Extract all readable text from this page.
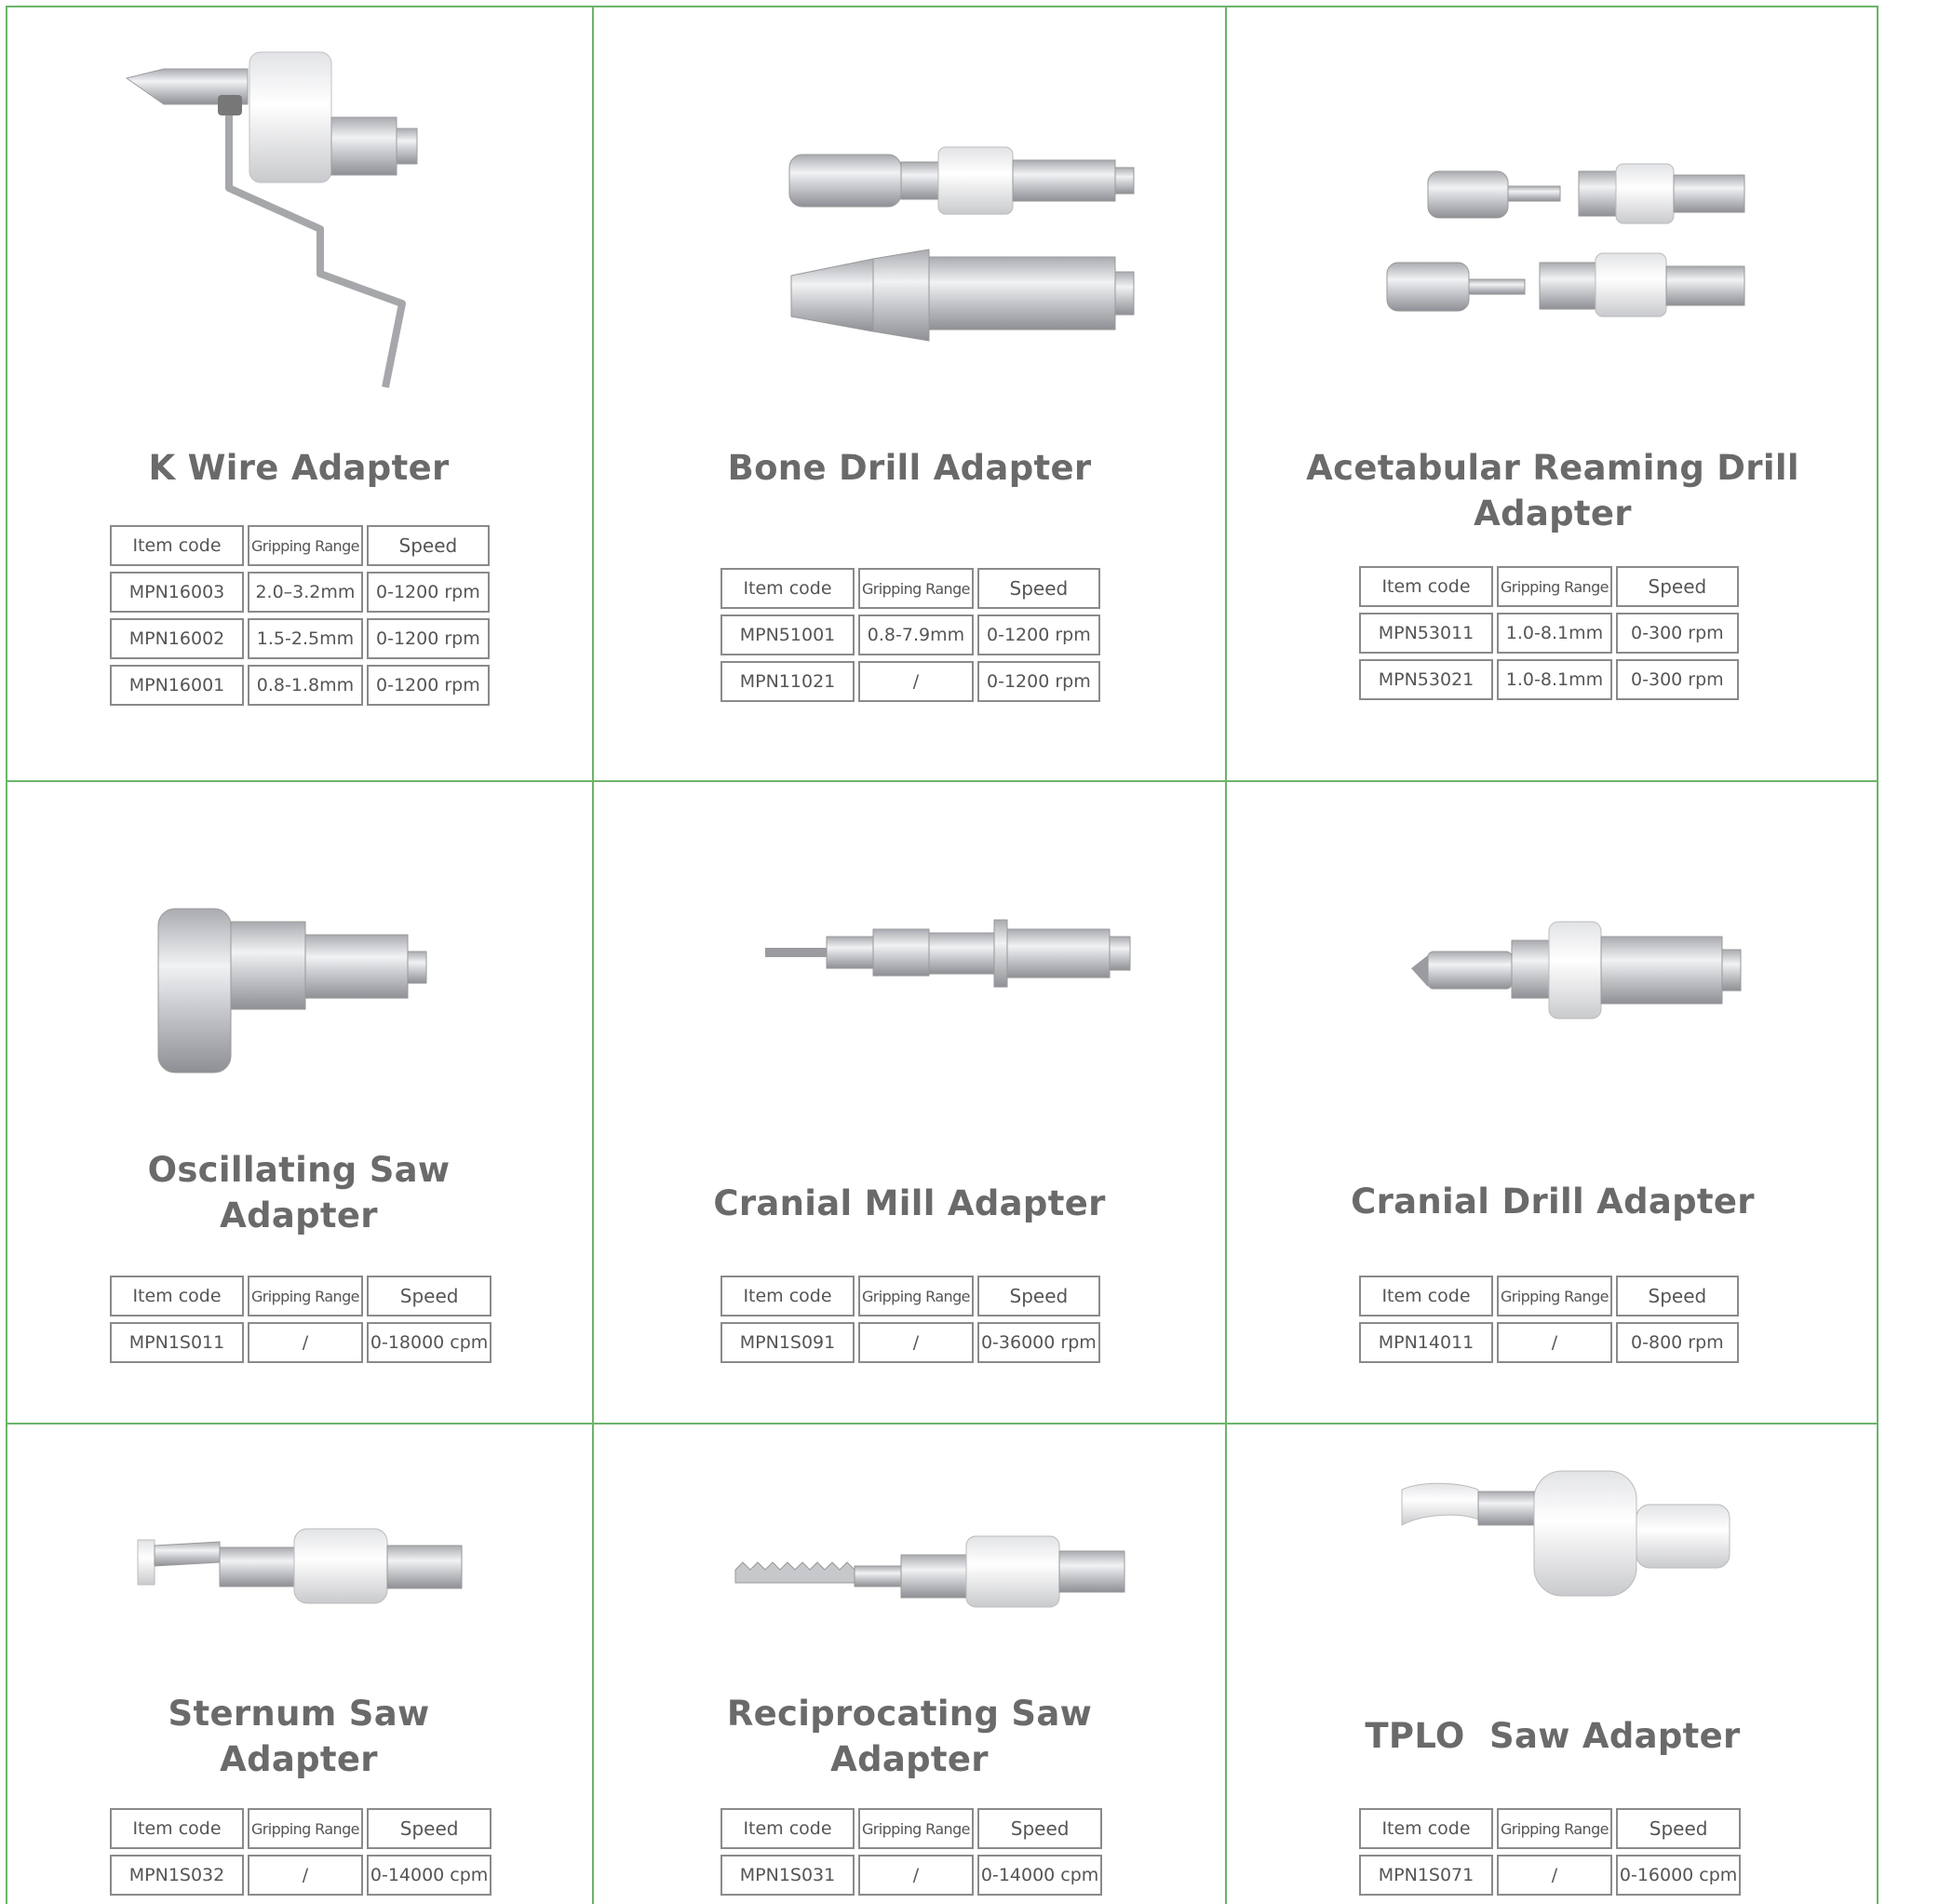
K Wire Adapter
Item code	Gripping Range	Speed
MPN16003	2.0–3.2mm	0-1200 rpm
MPN16002	1.5-2.5mm	0-1200 rpm
MPN16001	0.8-1.8mm	0-1200 rpm
Bone Drill Adapter
Item code	Gripping Range	Speed
MPN51001	0.8-7.9mm	0-1200 rpm
MPN11021	/	0-1200 rpm
Acetabular Reaming Drill
Adapter
Item code	Gripping Range	Speed
MPN53011	1.0-8.1mm	0-300 rpm
MPN53021	1.0-8.1mm	0-300 rpm
Oscillating Saw
Adapter
Item code	Gripping Range	Speed
MPN1S011	/	0-18000 cpm
Cranial Mill Adapter
Item code	Gripping Range	Speed
MPN1S091	/	0-36000 rpm
Cranial Drill Adapter
Item code	Gripping Range	Speed
MPN14011	/	0-800 rpm
Sternum Saw
Adapter
Item code	Gripping Range	Speed
MPN1S032	/	0-14000 cpm
Reciprocating Saw
Adapter
Item code	Gripping Range	Speed
MPN1S031	/	0-14000 cpm
TPLO  Saw Adapter
Item code	Gripping Range	Speed
MPN1S071	/	0-16000 cpm
